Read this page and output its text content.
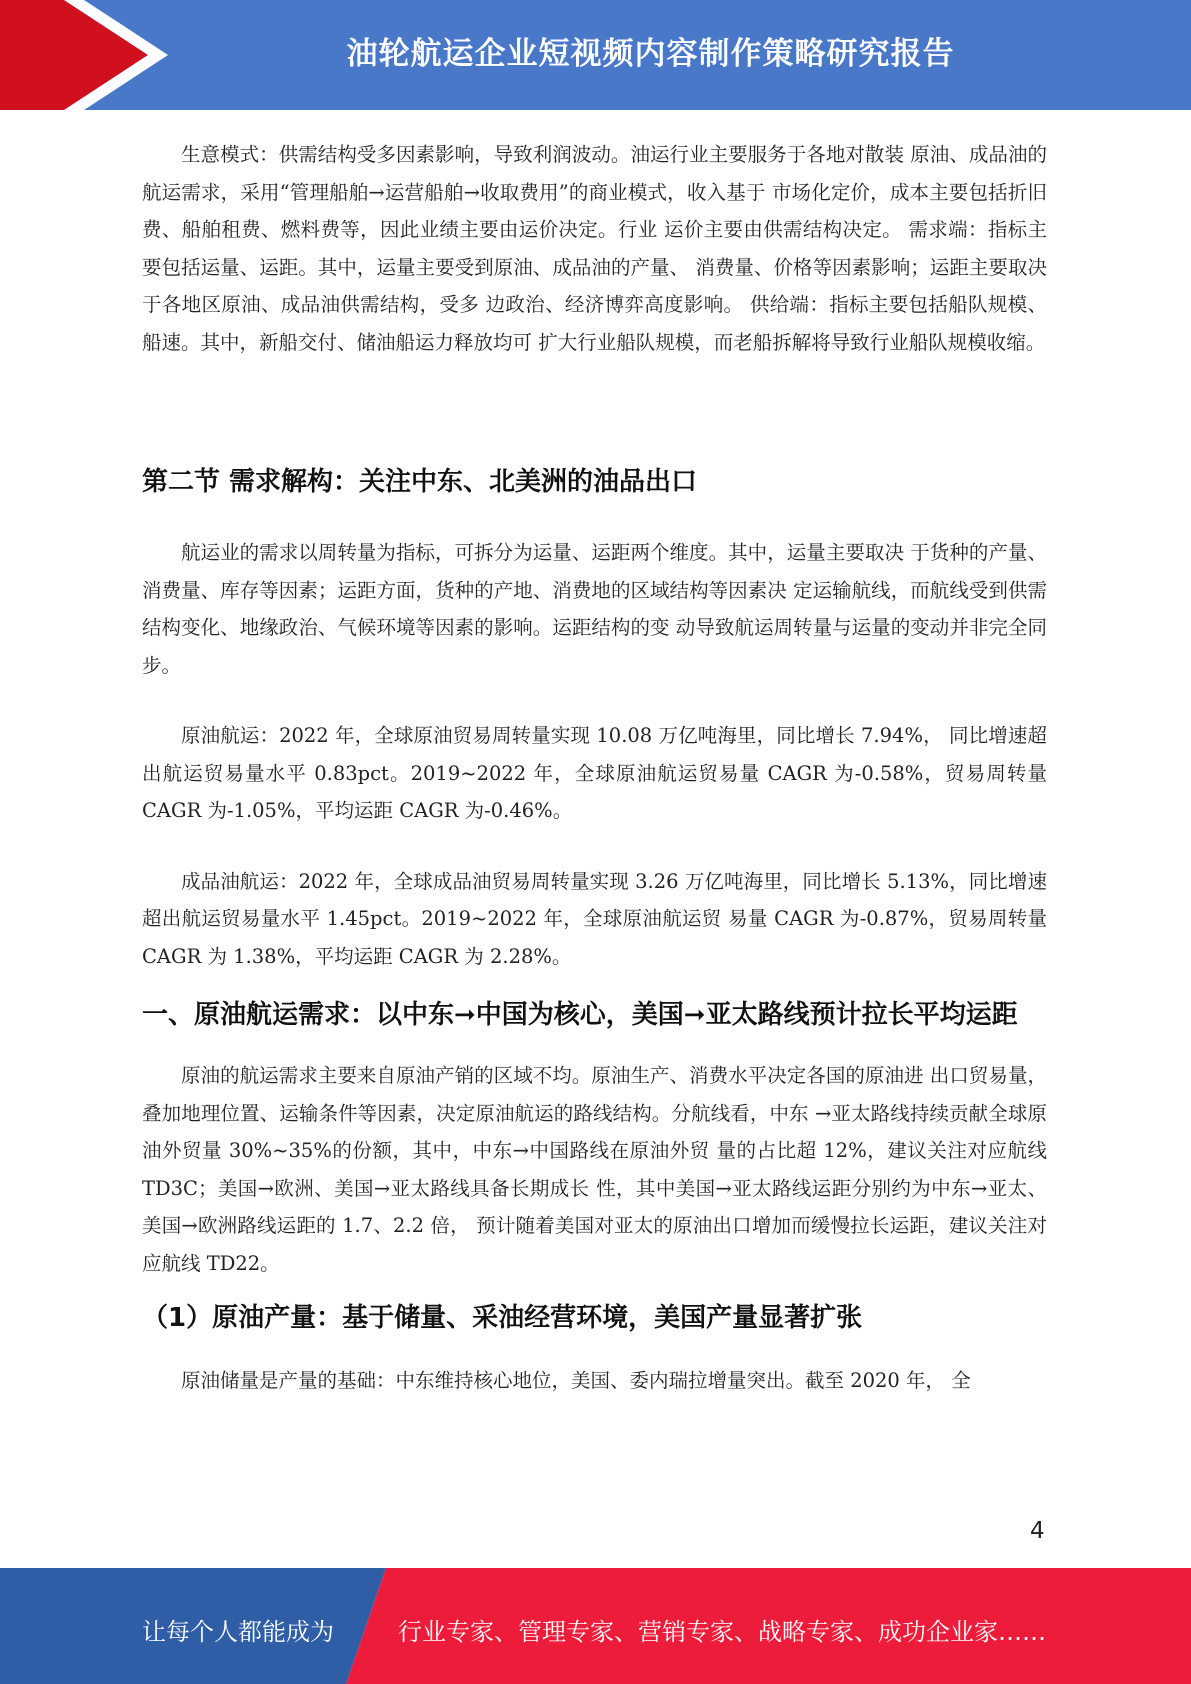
油轮航运企业短视频内容制作策略研究报告

生意模式：供需结构受多因素影响，导致利润波动。油运行业主要服务于各地对散装 原油、成品油的航运需求，采用“管理船舶→运营船舶→收取费用”的商业模式，收入基于 市场化定价，成本主要包括折旧费、船舶租费、燃料费等，因此业绩主要由运价决定。行业 运价主要由供需结构决定。 需求端：指标主要包括运量、运距。其中，运量主要受到原油、成品油的产量、 消费量、价格等因素影响；运距主要取决于各地区原油、成品油供需结构，受多 边政治、经济博弈高度影响。 供给端：指标主要包括船队规模、船速。其中，新船交付、储油船运力释放均可 扩大行业船队规模，而老船拆解将导致行业船队规模收缩。

第二节 需求解构：关注中东、北美洲的油品出口

航运业的需求以周转量为指标，可拆分为运量、运距两个维度。其中，运量主要取决 于货种的产量、消费量、库存等因素；运距方面，货种的产地、消费地的区域结构等因素决 定运输航线，而航线受到供需结构变化、地缘政治、气候环境等因素的影响。运距结构的变 动导致航运周转量与运量的变动并非完全同步。

原油航运：2022 年，全球原油贸易周转量实现 10.08 万亿吨海里，同比增长 7.94%， 同比增速超出航运贸易量水平 0.83pct。2019~2022 年，全球原油航运贸易量 CAGR 为-0.58%，贸易周转量 CAGR 为-1.05%，平均运距 CAGR 为-0.46%。

成品油航运：2022 年，全球成品油贸易周转量实现 3.26 万亿吨海里，同比增长 5.13%，同比增速超出航运贸易量水平 1.45pct。2019~2022 年，全球原油航运贸 易量 CAGR 为-0.87%，贸易周转量 CAGR 为 1.38%，平均运距 CAGR 为 2.28%。

一、原油航运需求：以中东➞中国为核心，美国➞亚太路线预计拉长平均运距

原油的航运需求主要来自原油产销的区域不均。原油生产、消费水平决定各国的原油进 出口贸易量，叠加地理位置、运输条件等因素，决定原油航运的路线结构。分航线看，中东 →亚太路线持续贡献全球原油外贸量 30%~35%的份额，其中，中东→中国路线在原油外贸 量的占比超 12%，建议关注对应航线 TD3C；美国→欧洲、美国→亚太路线具备长期成长 性，其中美国→亚太路线运距分别约为中东→亚太、美国→欧洲路线运距的 1.7、2.2 倍， 预计随着美国对亚太的原油出口增加而缓慢拉长运距，建议关注对应航线 TD22。

（1）原油产量：基于储量、采油经营环境，美国产量显著扩张

原油储量是产量的基础：中东维持核心地位，美国、委内瑞拉增量突出。截至 2020 年， 全

4
让每个人都能成为	行业专家、管理专家、营销专家、战略专家、成功企业家……
